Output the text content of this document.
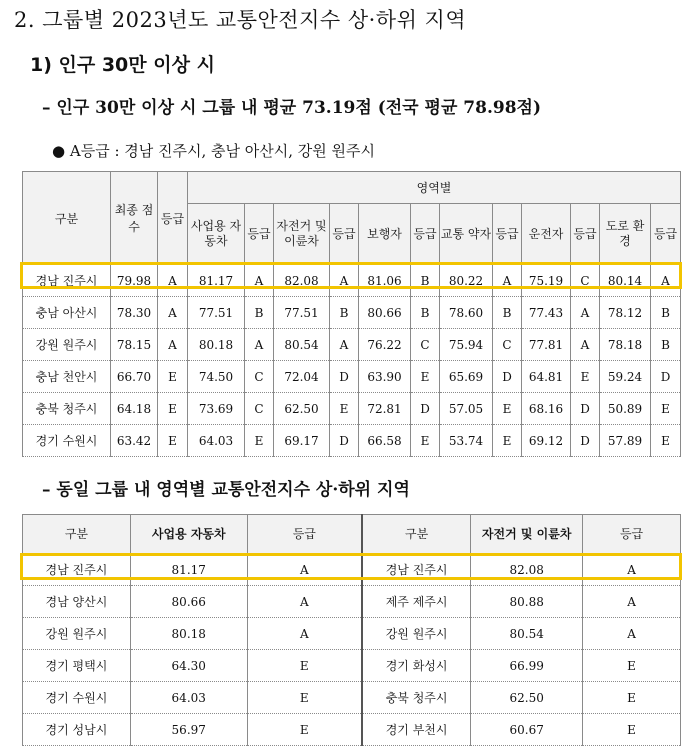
2. 그룹별 2023년도 교통안전지수 상·하위 지역
1) 인구 30만 이상 시
– 인구 30만 이상 시 그룹 내 평균 73.19점 (전국 평균 78.98점)
● A등급 : 경남 진주시, 충남 아산시, 강원 원주시
구분	최종 점수	등급	영역별											
			사업용 자동차	등급	자전거 및 이륜차	등급	보행자	등급	교통 약자	등급	운전자	등급	도로 환경	등급
경남 진주시	79.98	A	81.17	A	82.08	A	81.06	B	80.22	A	75.19	C	80.14	A
충남 아산시	78.30	A	77.51	B	77.51	B	80.66	B	78.60	B	77.43	A	78.12	B
강원 원주시	78.15	A	80.18	A	80.54	A	76.22	C	75.94	C	77.81	A	78.18	B
충남 천안시	66.70	E	74.50	C	72.04	D	63.90	E	65.69	D	64.81	E	59.24	D
충북 청주시	64.18	E	73.69	C	62.50	E	72.81	D	57.05	E	68.16	D	50.89	E
경기 수원시	63.42	E	64.03	E	69.17	D	66.58	E	53.74	E	69.12	D	57.89	E
– 동일 그룹 내 영역별 교통안전지수 상·하위 지역
구분	사업용 자동차	등급	구분	자전거 및 이륜차	등급
경남 진주시	81.17	A	경남 진주시	82.08	A
경남 양산시	80.66	A	제주 제주시	80.88	A
강원 원주시	80.18	A	강원 원주시	80.54	A
경기 평택시	64.30	E	경기 화성시	66.99	E
경기 수원시	64.03	E	충북 청주시	62.50	E
경기 성남시	56.97	E	경기 부천시	60.67	E
